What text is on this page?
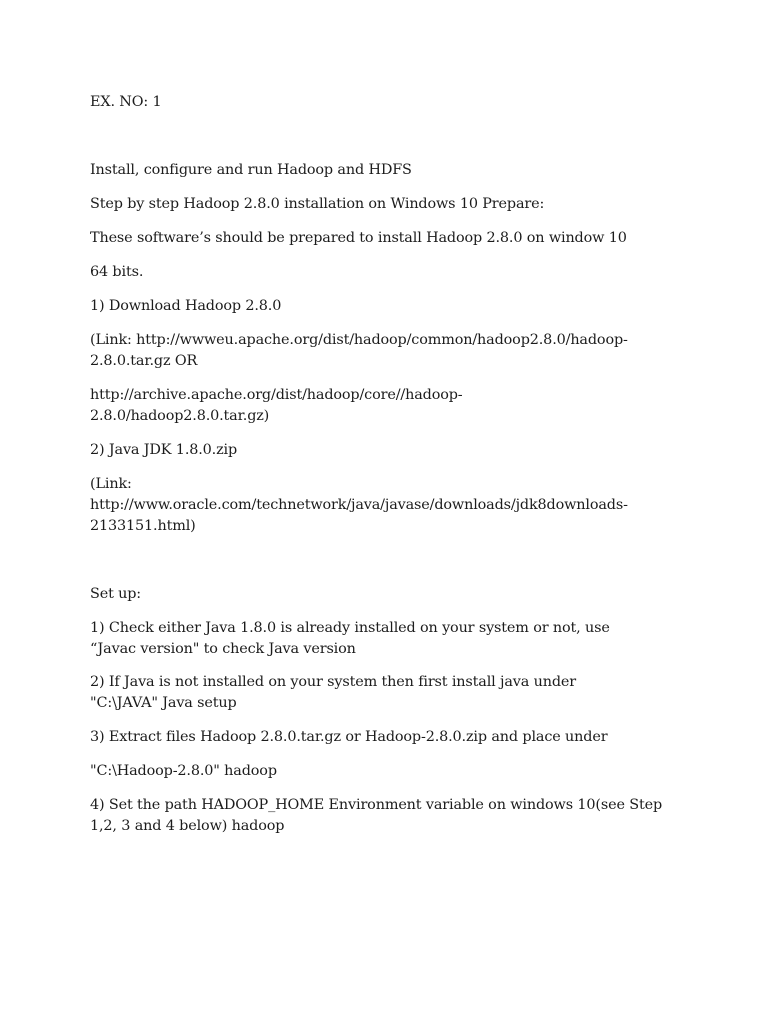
EX. NO: 1
Install, configure and run Hadoop and HDFS
Step by step Hadoop 2.8.0 installation on Windows 10 Prepare:
These software’s should be prepared to install Hadoop 2.8.0 on window 10
64 bits.
1) Download Hadoop 2.8.0
(Link: http://wwweu.apache.org/dist/hadoop/common/hadoop2.8.0/hadoop-
2.8.0.tar.gz OR
http://archive.apache.org/dist/hadoop/core//hadoop-
2.8.0/hadoop2.8.0.tar.gz)
2) Java JDK 1.8.0.zip
(Link:
http://www.oracle.com/technetwork/java/javase/downloads/jdk8downloads-
2133151.html)
Set up:
1) Check either Java 1.8.0 is already installed on your system or not, use
“Javac version" to check Java version
2) If Java is not installed on your system then first install java under
"C:\JAVA" Java setup
3) Extract files Hadoop 2.8.0.tar.gz or Hadoop-2.8.0.zip and place under
"C:\Hadoop-2.8.0" hadoop
4) Set the path HADOOP_HOME Environment variable on windows 10(see Step
1,2, 3 and 4 below) hadoop
